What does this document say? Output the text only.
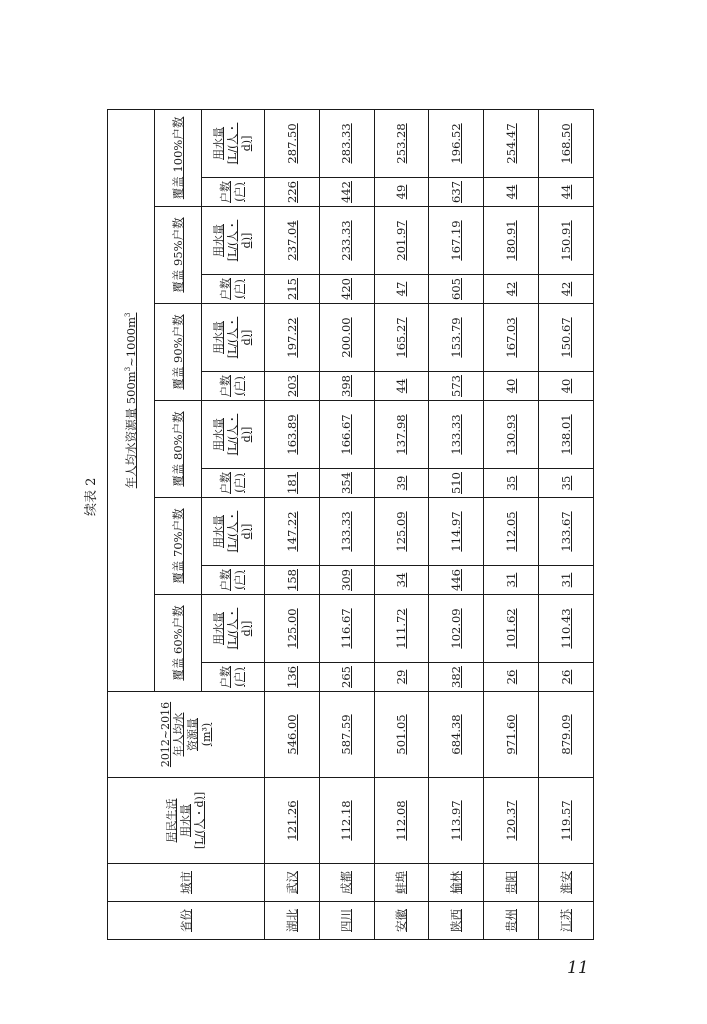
续表 2
省份	城市	居民生活 用水量 [L/(人・d)]	2012~2016 年人均水 资源量 (m³)	年人均水资源量 $500m^3\sim 1000m^3$
				覆盖 60%户数		覆盖 70%户数		覆盖 80%户数		覆盖 90%户数		覆盖 95%户数		覆盖 100%户数	

				户数 (户)	用水量 [L/(人・ d)]	户数 (户)	用水量 [L/(人・ d)]	户数 (户)	用水量 [L/(人・ d)]	户数 (户)	用水量 [L/(人・ d)]	户数 (户)	用水量 [L/(人・ d)]	户数 (户)	用水量 [L/(人・ d)]

湖北	武汉	121.26	546.00	136	125.00	158	147.22	181	163.89	203	197.22	215	237.04	226	287.50
四川	成都	112.18	587.59	265	116.67	309	133.33	354	166.67	398	200.00	420	233.33	442	283.33
安徽	蚌埠	112.08	501.05	29	111.72	34	125.09	39	137.98	44	165.27	47	201.97	49	253.28
陕西	榆林	113.97	684.38	382	102.09	446	114.97	510	133.33	573	153.79	605	167.19	637	196.52
贵州	贵阳	120.37	971.60	26	101.62	31	112.05	35	130.93	40	167.03	42	180.91	44	254.47
江苏	淮安	119.57	879.09	26	110.43	31	133.67	35	138.01	40	150.67	42	150.91	44	168.50
11
